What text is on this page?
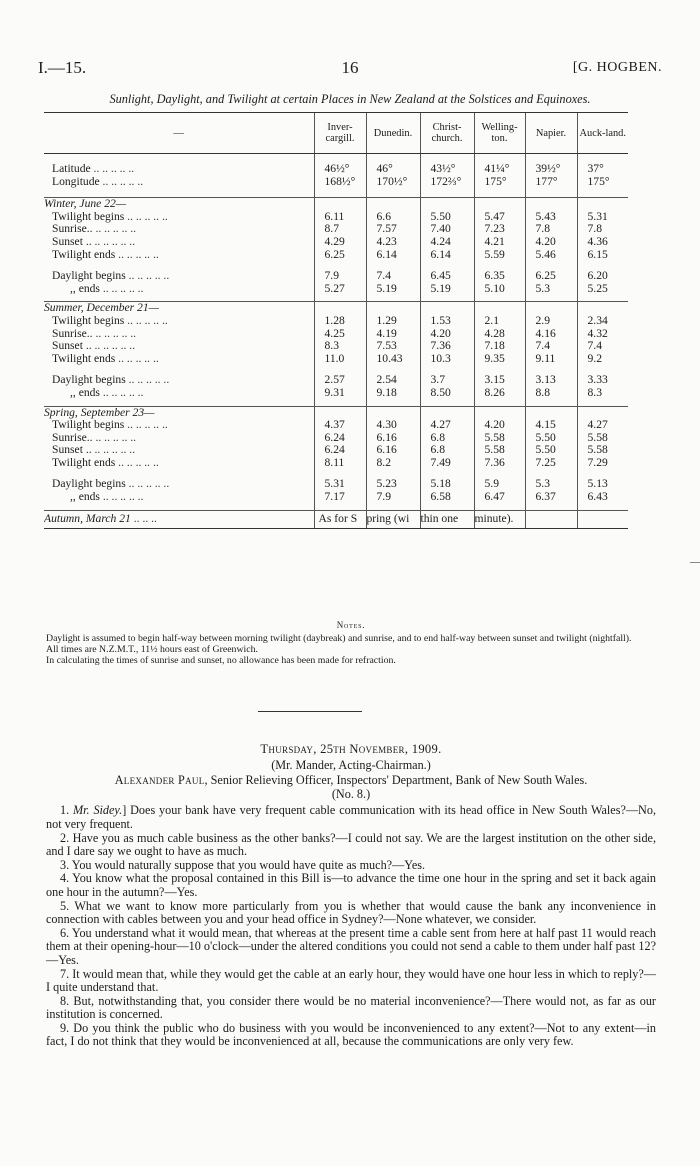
I.—15.	16	[G. HOGBEN.
Sunlight, Daylight, and Twilight at certain Places in New Zealand at the Solstices and Equinoxes.
—	Inver-cargill.	Dunedin.	Christ-church.	Welling-ton.	Napier.	Auck-land.

Latitude .. .. .. .. ..	46½°	46°	43½°	41¼°	39½°	37°
Longitude .. .. .. .. ..	168½°	170½°	172⅔°	175°	177°	175°

Winter, June 22—						
Twilight begins .. .. .. .. ..	6.11	6.6	5.50	5.47	5.43	5.31
Sunrise.. .. .. .. .. ..	8.7	7.57	7.40	7.23	7.8	7.8
Sunset .. .. .. .. .. ..	4.29	4.23	4.24	4.21	4.20	4.36
Twilight ends .. .. .. .. ..	6.25	6.14	6.14	5.59	5.46	6.15

Daylight begins .. .. .. .. ..	7.9	7.4	6.45	6.35	6.25	6.20
,, ends .. .. .. .. ..	5.27	5.19	5.19	5.10	5.3	5.25

Summer, December 21—						
Twilight begins .. .. .. .. ..	1.28	1.29	1.53	2.1	2.9	2.34
Sunrise.. .. .. .. .. ..	4.25	4.19	4.20	4.28	4.16	4.32
Sunset .. .. .. .. .. ..	8.3	7.53	7.36	7.18	7.4	7.4
Twilight ends .. .. .. .. ..	11.0	10.43	10.3	9.35	9.11	9.2

Daylight begins .. .. .. .. ..	2.57	2.54	3.7	3.15	3.13	3.33
,, ends .. .. .. .. ..	9.31	9.18	8.50	8.26	8.8	8.3

Spring, September 23—						
Twilight begins .. .. .. .. ..	4.37	4.30	4.27	4.20	4.15	4.27
Sunrise.. .. .. .. .. ..	6.24	6.16	6.8	5.58	5.50	5.58
Sunset .. .. .. .. .. ..	6.24	6.16	6.8	5.58	5.50	5.58
Twilight ends .. .. .. .. ..	8.11	8.2	7.49	7.36	7.25	7.29

Daylight begins .. .. .. .. ..	5.31	5.23	5.18	5.9	5.3	5.13
,, ends .. .. .. .. ..	7.17	7.9	6.58	6.47	6.37	6.43

Autumn, March 21 .. .. ..	As for S	pring (wi	thin one	minute).		
Notes.

Daylight is assumed to begin half-way between morning twilight (daybreak) and sunrise, and to end half-way between sunset and twilight (nightfall).

All times are N.Z.M.T., 11½ hours east of Greenwich.

In calculating the times of sunrise and sunset, no allowance has been made for refraction.

Thursday, 25th November, 1909.

(Mr. Mander, Acting-Chairman.)

Alexander Paul, Senior Relieving Officer, Inspectors' Department, Bank of New South Wales.

(No. 8.)

1. Mr. Sidey.] Does your bank have very frequent cable communication with its head office in New South Wales?—No, not very frequent.

2. Have you as much cable business as the other banks?—I could not say. We are the largest institution on the other side, and I dare say we ought to have as much.

3. You would naturally suppose that you would have quite as much?—Yes.

4. You know what the proposal contained in this Bill is—to advance the time one hour in the spring and set it back again one hour in the autumn?—Yes.

5. What we want to know more particularly from you is whether that would cause the bank any inconvenience in connection with cables between you and your head office in Sydney?—None whatever, we consider.

6. You understand what it would mean, that whereas at the present time a cable sent from here at half past 11 would reach them at their opening-hour—10 o'clock—under the altered conditions you could not send a cable to them under half past 12?—Yes.

7. It would mean that, while they would get the cable at an early hour, they would have one hour less in which to reply?—I quite understand that.

8. But, notwithstanding that, you consider there would be no material inconvenience?—There would not, as far as our institution is concerned.

9. Do you think the public who do business with you would be inconvenienced to any extent?—Not to any extent—in fact, I do not think that they would be inconvenienced at all, because the communications are only very few.
